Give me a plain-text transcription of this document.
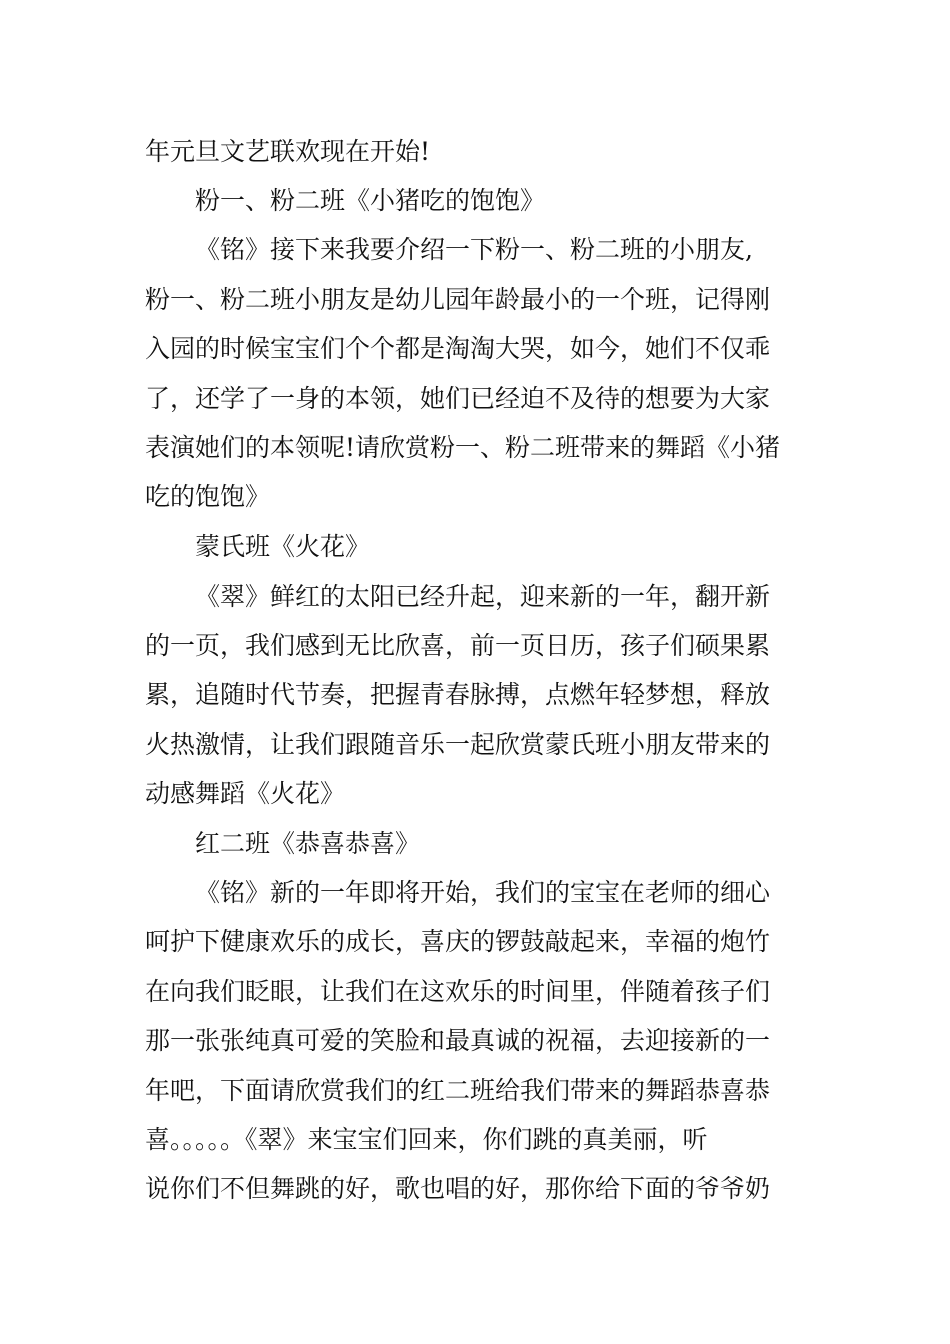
年元旦文艺联欢现在开始!
粉一、粉二班《小猪吃的饱饱》
《铭》接下来我要介绍一下粉一、粉二班的小朋友,
粉一、粉二班小朋友是幼儿园年龄最小的一个班，记得刚
入园的时候宝宝们个个都是淘淘大哭，如今，她们不仅乖
了，还学了一身的本领，她们已经迫不及待的想要为大家
表演她们的本领呢!请欣赏粉一、粉二班带来的舞蹈《小猪
吃的饱饱》
蒙氏班《火花》
《翠》鲜红的太阳已经升起，迎来新的一年，翻开新
的一页，我们感到无比欣喜，前一页日历，孩子们硕果累
累，追随时代节奏，把握青春脉搏，点燃年轻梦想，释放
火热激情，让我们跟随音乐一起欣赏蒙氏班小朋友带来的
动感舞蹈《火花》
红二班《恭喜恭喜》
《铭》新的一年即将开始，我们的宝宝在老师的细心
呵护下健康欢乐的成长，喜庆的锣鼓敲起来，幸福的炮竹
在向我们眨眼，让我们在这欢乐的时间里，伴随着孩子们
那一张张纯真可爱的笑脸和最真诚的祝福，去迎接新的一
年吧，下面请欣赏我们的红二班给我们带来的舞蹈恭喜恭
喜。。。。。《翠》来宝宝们回来，你们跳的真美丽，听
说你们不但舞跳的好，歌也唱的好，那你给下面的爷爷奶
